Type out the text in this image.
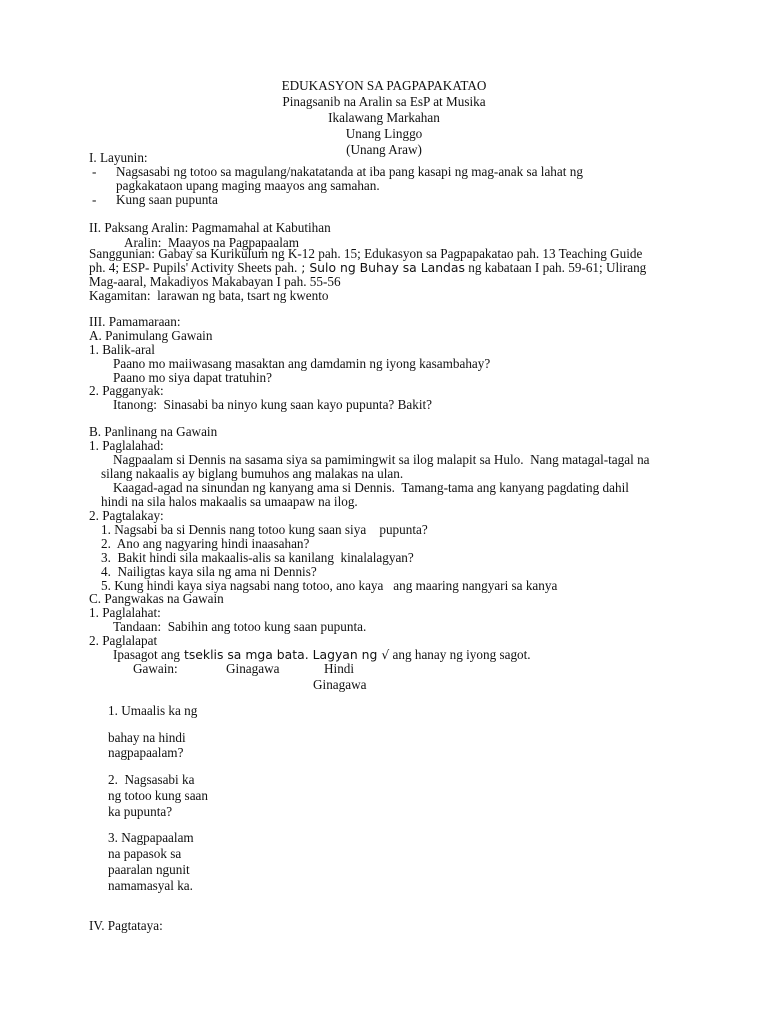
EDUKASYON SA PAGPAPAKATAO
Pinagsanib na Aralin sa EsP at Musika
Ikalawang Markahan
Unang Linggo
(Unang Araw)
I. Layunin:
- Nagsasabi ng totoo sa magulang/nakatatanda at iba pang kasapi ng mag-anak sa lahat ng
pagkakataon upang maging maayos ang samahan.
- Kung saan pupunta
II. Paksang Aralin: Pagmamahal at Kabutihan
Aralin:  Maayos na Pagpapaalam
Sanggunian: Gabay sa Kurikulum ng K-12 pah. 15; Edukasyon sa Pagpapakatao pah. 13 Teaching Guide
ph. 4; ESP- Pupils' Activity Sheets pah. ; Sulo ng Buhay sa Landas ng kabataan I pah. 59-61; Ulirang
Mag-aaral, Makadiyos Makabayan I pah. 55-56
Kagamitan:  larawan ng bata, tsart ng kwento
III. Pamamaraan:
A. Panimulang Gawain
1. Balik-aral
Paano mo maiiwasang masaktan ang damdamin ng iyong kasambahay?
Paano mo siya dapat tratuhin?
2. Pagganyak:
Itanong:  Sinasabi ba ninyo kung saan kayo pupunta? Bakit?
B. Panlinang na Gawain
1. Paglalahad:
Nagpaalam si Dennis na sasama siya sa pamimingwit sa ilog malapit sa Hulo.  Nang matagal-tagal na
silang nakaalis ay biglang bumuhos ang malakas na ulan.
Kaagad-agad na sinundan ng kanyang ama si Dennis.  Tamang-tama ang kanyang pagdating dahil
hindi na sila halos makaalis sa umaapaw na ilog.
2. Pagtalakay:
1. Nagsabi ba si Dennis nang totoo kung saan siya    pupunta?
2.  Ano ang nagyaring hindi inaasahan?
3.  Bakit hindi sila makaalis-alis sa kanilang  kinalalagyan?
4.  Nailigtas kaya sila ng ama ni Dennis?
5. Kung hindi kaya siya nagsabi nang totoo, ano kaya   ang maaring nangyari sa kanya
C. Pangwakas na Gawain
1. Paglalahat:
Tandaan:  Sabihin ang totoo kung saan pupunta.
2. Paglalapat
Ipasagot ang tseklis sa mga bata. Lagyan ng √ ang hanay ng iyong sagot.
Gawain:	Ginagawa	Hindi
Ginagawa
1. Umaalis ka ng
bahay na hindi
nagpapaalam?
2.  Nagsasabi ka
ng totoo kung saan
ka pupunta?
3. Nagpapaalam
na papasok sa
paaralan ngunit
namamasyal ka.
IV. Pagtataya:
